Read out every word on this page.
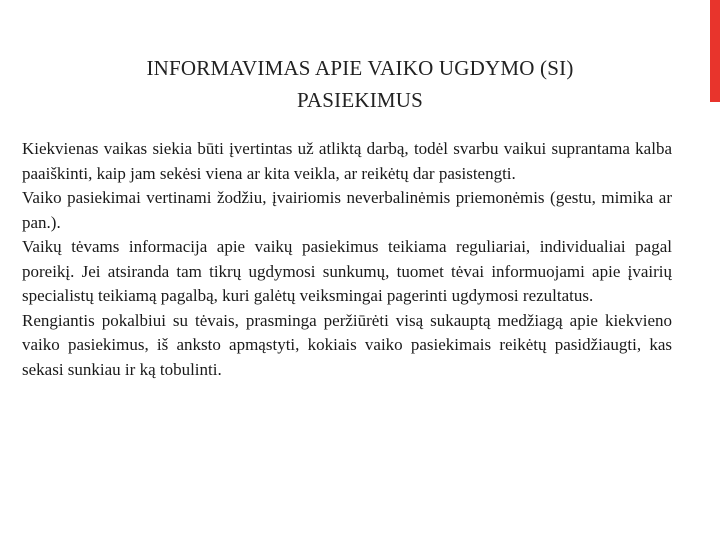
INFORMAVIMAS APIE VAIKO UGDYMO (SI)
PASIEKIMUS

Kiekvienas vaikas siekia būti įvertintas už atliktą darbą, todėl svarbu vaikui suprantama kalba paaiškinti, kaip jam sekėsi viena ar kita veikla, ar reikėtų dar pasistengti.

Vaiko pasiekimai vertinami žodžiu, įvairiomis neverbalinėmis priemonėmis (gestu, mimika ar pan.).

Vaikų tėvams informacija apie vaikų pasiekimus teikiama reguliariai, individualiai pagal poreikį. Jei atsiranda tam tikrų ugdymosi sunkumų, tuomet tėvai informuojami apie įvairių specialistų teikiamą pagalbą, kuri galėtų veiksmingai pagerinti ugdymosi rezultatus.

Rengiantis pokalbiui su tėvais, prasminga peržiūrėti visą sukauptą medžiagą apie kiekvieno vaiko pasiekimus, iš anksto apmąstyti, kokiais vaiko pasiekimais reikėtų pasidžiaugti, kas sekasi sunkiau ir ką tobulinti.
